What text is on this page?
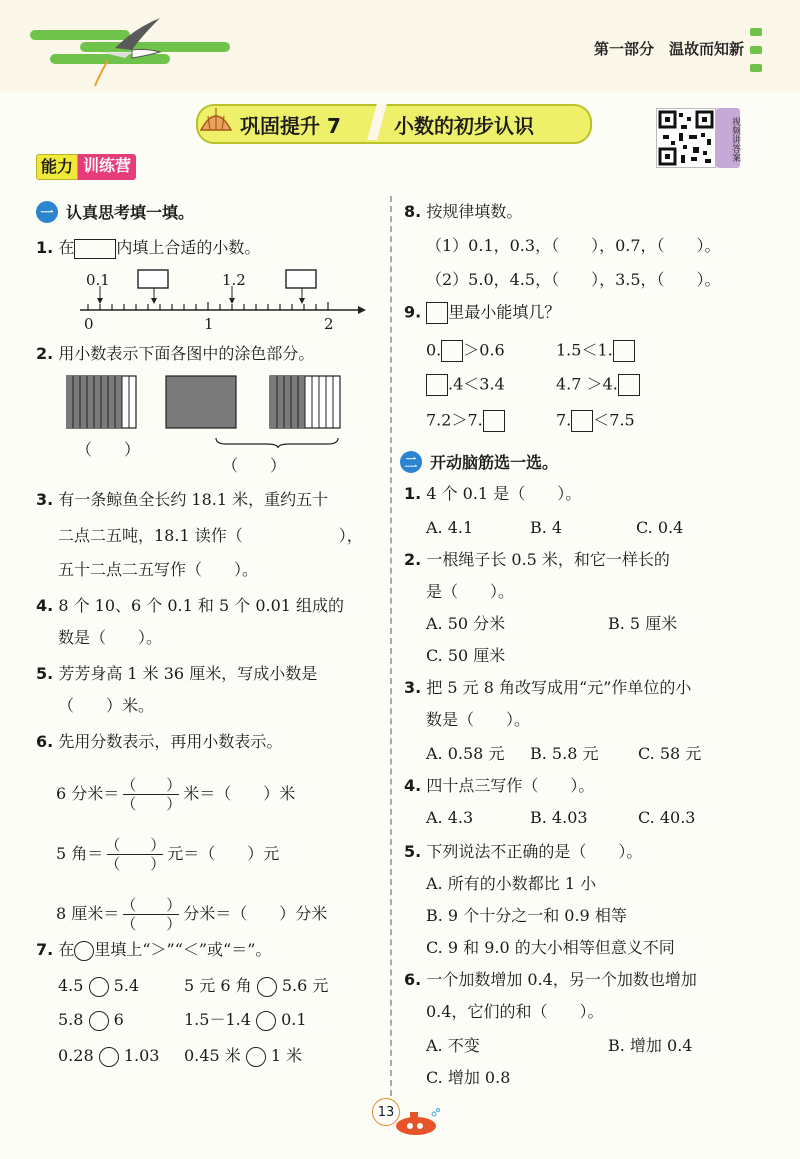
第一部分　温故而知新
巩固提升 7	小数的初步认识	视频讲答案
能力 训练营
一 认真思考填一填。
1. 在	内填上合适的小数。
0.1	1.2
0	1	2
2. 用小数表示下面各图中的涂色部分。
（　　）
（　　）
3. 有一条鲸鱼全长约 18.1 米，重约五十
二点二五吨，18.1 读作（　　　　　　），
五十二点二五写作（　　）。
4. 8 个 10、6 个 0.1 和 5 个 0.01 组成的
数是（　　）。
5. 芳芳身高 1 米 36 厘米，写成小数是
（　　）米。
6. 先用分数表示，再用小数表示。
6 分米＝ $\frac{( )}{( )}$ 米＝（　　）米
5 角＝ $\frac{( )}{( )}$ 元＝（　　）元
8 厘米＝ $\frac{( )}{( )}$ 分米＝（　　）分米
7. 在 里填上“＞”“＜”或“＝”。
4.5 5.4	5 元 6 角 5.6 元
5.8 6	1.5－1.4 0.1
0.28 1.03 0.45 米 1 米
8. 按规律填数。
（1）0.1，0.3，（　　），0.7，（　　）。
（2）5.0，4.5，（　　），3.5，（　　）。
9. 里最小能填几？
0. ＞0.6	1.5＜1.
.4＜3.4	4.7 ＞4.
7.2＞7.	7. ＜7.5
二 开动脑筋选一选。
1. 4 个 0.1 是（　　）。
A. 4.1	B. 4	C. 0.4
2. 一根绳子长 0.5 米，和它一样长的
是（　　）。
A. 50 分米	B. 5 厘米
C. 50 厘米
3. 把 5 元 8 角改写成用“元”作单位的小
数是（　　）。
A. 0.58 元 B. 5.8 元 C. 58 元
4. 四十点三写作（　　）。
A. 4.3	B. 4.03	C. 40.3
5. 下列说法不正确的是（　　）。
A. 所有的小数都比 1 小
B. 9 个十分之一和 0.9 相等
C. 9 和 9.0 的大小相等但意义不同
6. 一个加数增加 0.4，另一个加数也增加
0.4，它们的和（　　）。
A. 不变	B. 增加 0.4
C. 增加 0.8
13
